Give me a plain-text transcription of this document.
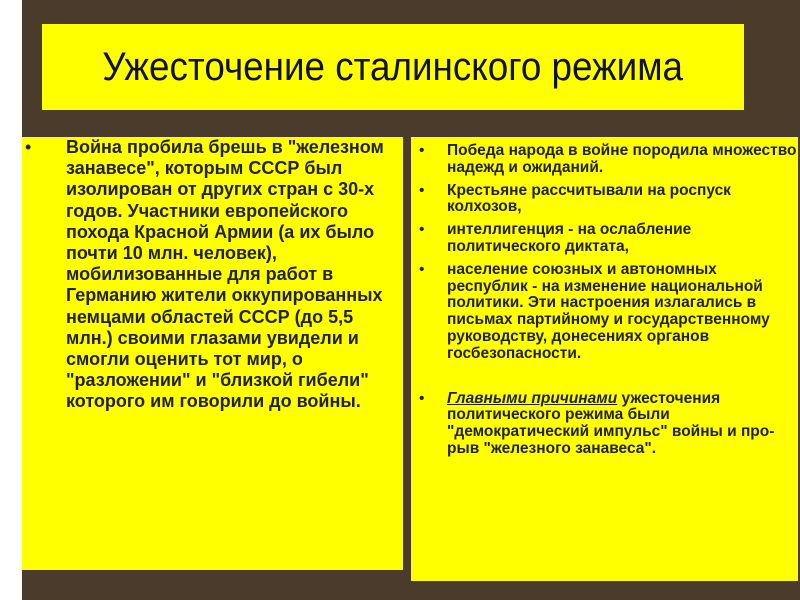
Ужесточение сталинского режима
• Война пробила брешь в "железном занавесе", которым СССР был изолирован от других стран с 30-х годов. Участники европейского похода Красной Армии (а их было почти 10 млн. человек), мобилизованные для работ в Германию жители оккупированных немцами областей СССР (до 5,5 млн.) своими глазами увидели и смогли оценить тот мир, о "разложении" и "близкой гибели" которого им говорили до войны.
• Победа народа в войне породила множество надежд и ожиданий.
• Крестьяне рассчитывали на роспуск колхозов,
• интеллигенция - на ослабление политического диктата,
• население союзных и автономных республик - на изменение национальной политики. Эти настроения излагались в письмах партийному и государственному руководству, донесениях органов госбезопасности.
• Главными причинами ужесточения политического режима были "демократический импульс" войны и про-рыв "железного занавеса".
